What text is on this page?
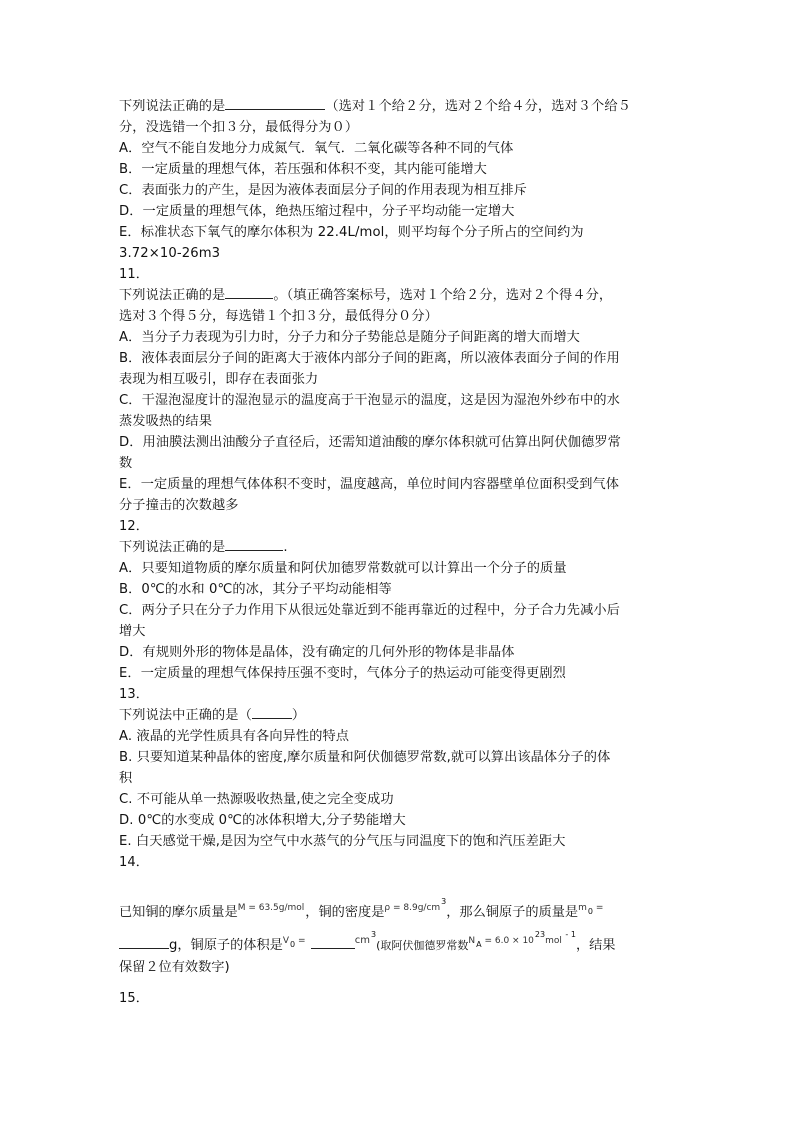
下列说法正确的是	（选对１个给２分，选对２个给４分，选对３个给５
分，没选错一个扣３分，最低得分为０）
A．空气不能自发地分力成氮气．氧气．二氧化碳等各种不同的气体
B．一定质量的理想气体，若压强和体积不变，其内能可能增大
C．表面张力的产生，是因为液体表面层分子间的作用表现为相互排斥
D．一定质量的理想气体，绝热压缩过程中，分子平均动能一定增大
E．标准状态下氧气的摩尔体积为 22.4L/mol，则平均每个分子所占的空间约为
3.72×10-26m3
11．
下列说法正确的是	。（填正确答案标号，选对１个给２分，选对２个得４分，
选对３个得５分，每选错１个扣３分，最低得分０分）
A．当分子力表现为引力时，分子力和分子势能总是随分子间距离的增大而增大
B．液体表面层分子间的距离大于液体内部分子间的距离，所以液体表面分子间的作用
表现为相互吸引，即存在表面张力
C．干湿泡湿度计的湿泡显示的温度高于干泡显示的温度，这是因为湿泡外纱布中的水
蒸发吸热的结果
D．用油膜法测出油酸分子直径后，还需知道油酸的摩尔体积就可估算出阿伏伽德罗常
数
E．一定质量的理想气体体积不变时，温度越高，单位时间内容器壁单位面积受到气体
分子撞击的次数越多
12．
下列说法正确的是	.
A．只要知道物质的摩尔质量和阿伏加德罗常数就可以计算出一个分子的质量
B．0℃的水和 0℃的冰，其分子平均动能相等
C．两分子只在分子力作用下从很远处靠近到不能再靠近的过程中，分子合力先减小后
增大
D．有规则外形的物体是晶体，没有确定的几何外形的物体是非晶体
E．一定质量的理想气体保持压强不变时，气体分子的热运动可能变得更剧烈
13．
下列说法中正确的是（	）
A. 液晶的光学性质具有各向异性的特点
B. 只要知道某种晶体的密度,摩尔质量和阿伏伽德罗常数,就可以算出该晶体分子的体
积
C. 不可能从单一热源吸收热量,使之完全变成功
D. 0℃的水变成 0℃的冰体积增大,分子势能增大
E. 白天感觉干燥,是因为空气中水蒸气的分气压与同温度下的饱和汽压差距大
14．
已知铜的摩尔质量是$^{M = 63.5g/mol}$，铜的密度是$^{\rho = 8.9g/cm3}$，那么铜原子的质量是$^{m0}$ =
g，铜原子的体积是$^{V0}$ =	$^{cm3}$(取阿伏伽德罗常数$^{NA}$ $^{= 6.0 \times 1023mol}$ $^{- 1}$，结果
保留２位有效数字)
15．
